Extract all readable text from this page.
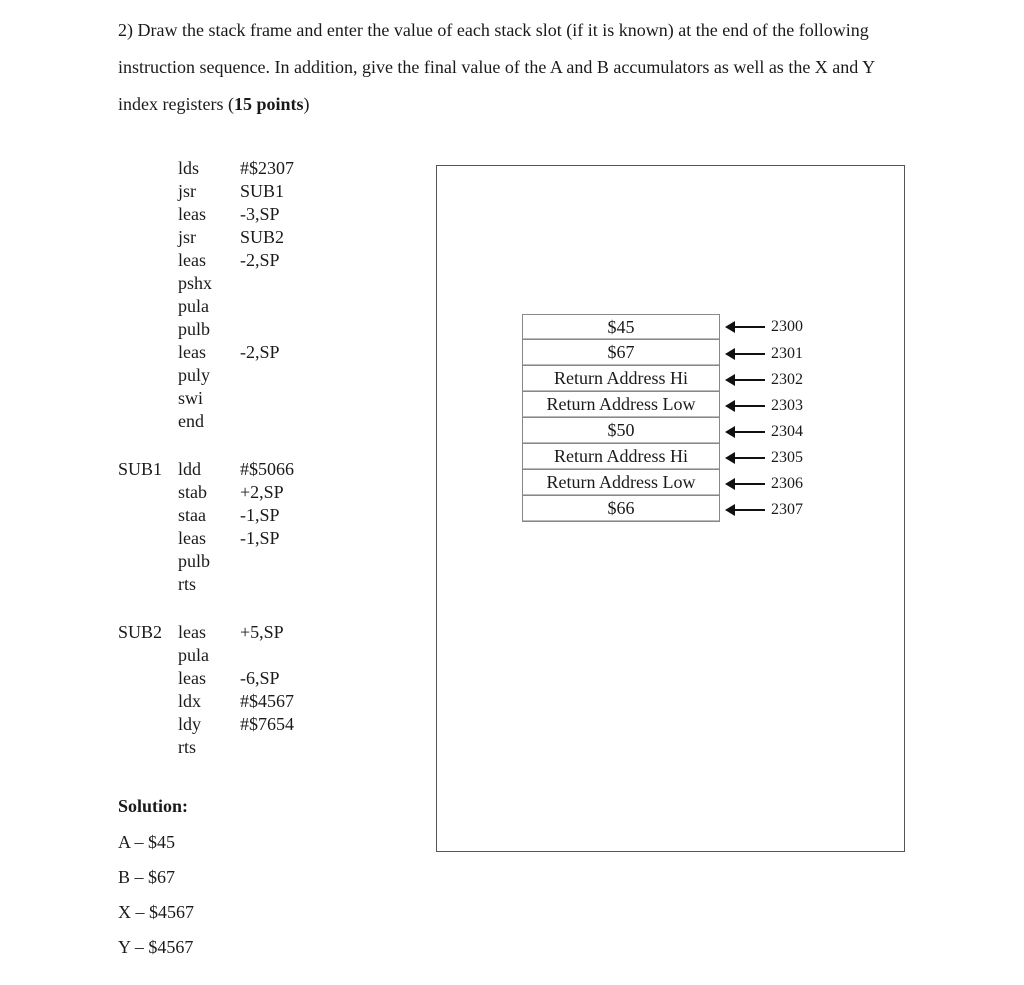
2) Draw the stack frame and enter the value of each stack slot (if it is known) at the end of the following instruction sequence. In addition, give the final value of the A and B accumulators as well as the X and Y index registers (15 points)
lds #$2307
jsr SUB1
leas -3,SP
jsr SUB2
leas -2,SP
pshx
pula
pulb
leas -2,SP
puly
swi
end
SUB1 ldd #$5066
stab +2,SP
staa -1,SP
leas -1,SP
pulb
rts
SUB2 leas +5,SP
pula
leas -6,SP
ldx #$4567
ldy #$7654
rts
$45
$67
Return Address Hi
Return Address Low
$50
Return Address Hi
Return Address Low
$66
2300
2301
2302
2303
2304
2305
2306
2307
Solution:
A – $45
B – $67
X – $4567
Y – $4567
